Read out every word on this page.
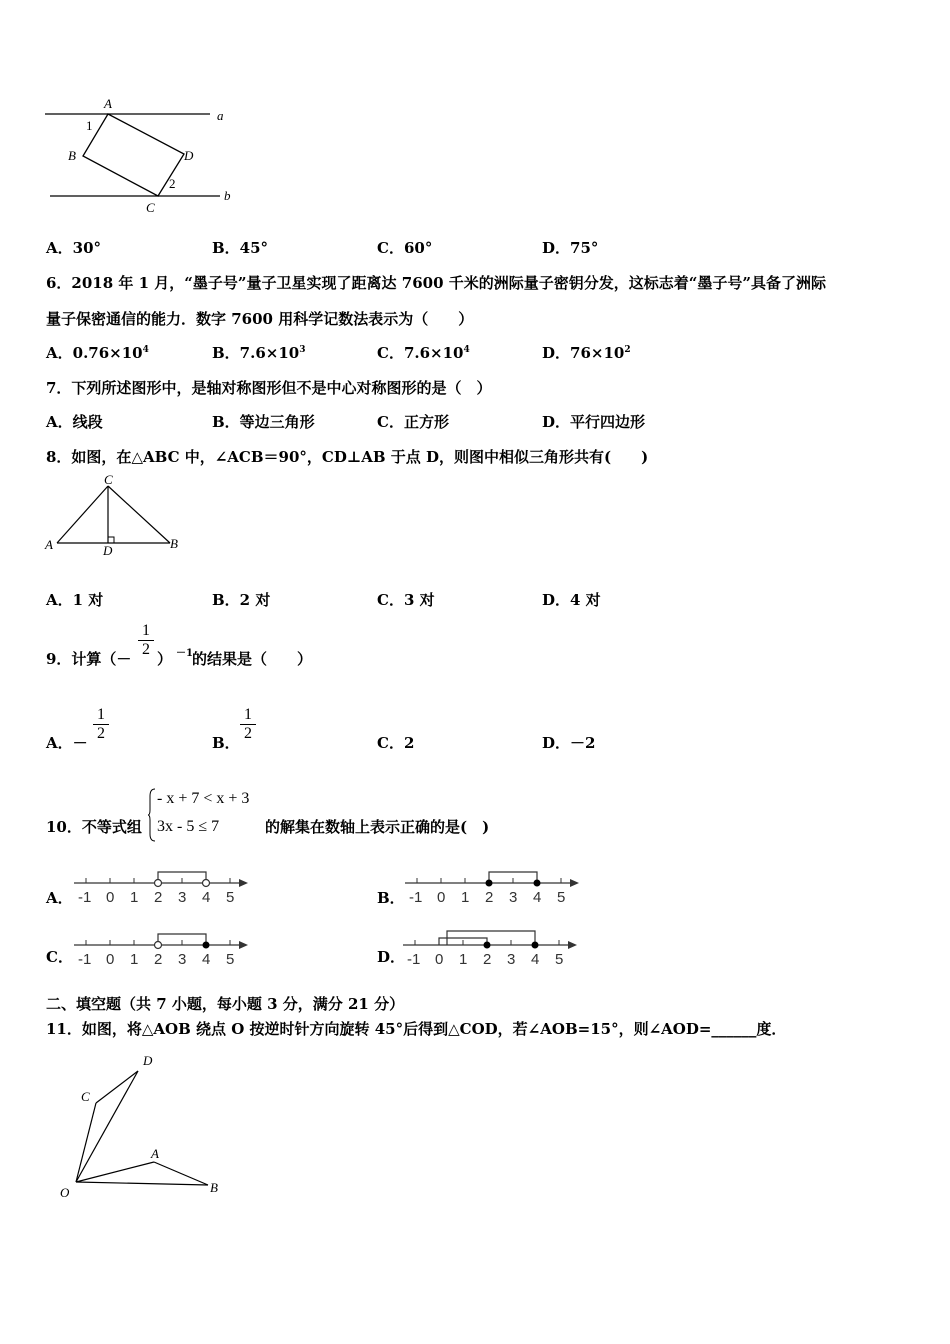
a
b
A
B
C
D
1
2
A．30°	B．45°	C．60°	D．75°
6．2018 年 1 月，“墨子号”量子卫星实现了距离达 7600 千米的洲际量子密钥分发，这标志着“墨子号”具备了洲际
量子保密通信的能力．数字 7600 用科学记数法表示为（　　）
A．$0.76\times 10^4$	B．$7.6\times 10^3$	C．$7.6\times 10^4$	D．$76\times 10^2$
7．下列所述图形中，是轴对称图形但不是中心对称图形的是（　）
A．线段	B．等边三角形	C．正方形	D．平行四边形
8．如图，在△ABC 中，∠ACB＝90°，CD⊥AB 于点 D，则图中相似三角形共有(　　)
C
A	B
D
A．1 对	B．2 对	C．3 对	D．4 对
9．计算（－
1
2
） －1 的结果是（　　）
A．－
1
2
B．
1
2
C．2	D．－2
10．不等式组
- x + 7 < x + 3
3x - 5 ≤ 7	的解集在数轴上表示正确的是(　)
A．	B．
C．	D．
-1 0 1 2 3 4 5	-1 0 1 2 3 4 5
-1 0 1 2 3 4 5	-1 0 1 2 3 4 5
二、填空题（共 7 小题，每小题 3 分，满分 21 分）
11．如图，将△AOB 绕点 O 按逆时针方向旋转 45°后得到△COD，若∠AOB=15°，则∠AOD=______度．
D
C
A
B
O
